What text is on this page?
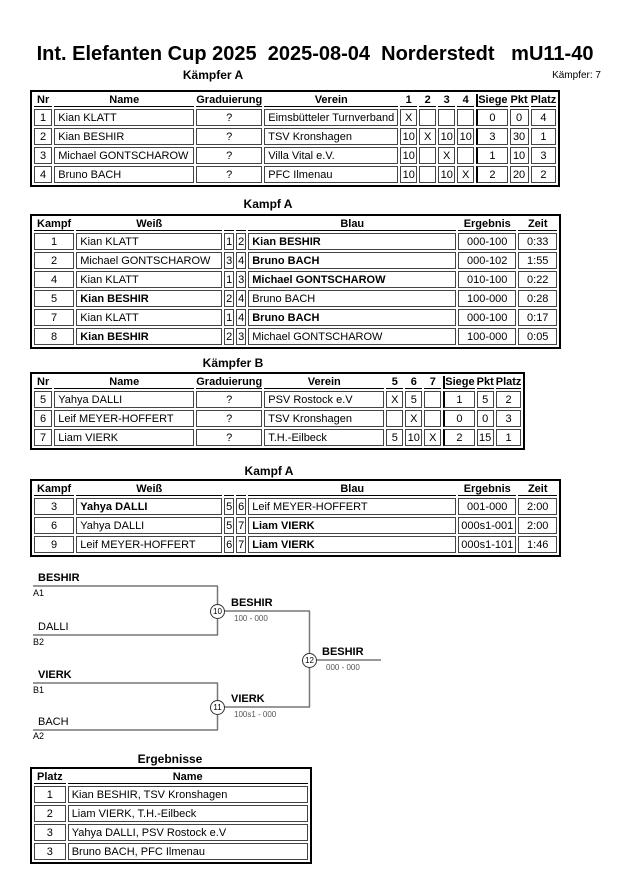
Int. Elefanten Cup 2025  2025-08-04  Norderstedt   mU11-40
Kämpfer A	Kämpfer: 7
Nr	Name	Graduierung	Verein	1	2	3	4	Siege	Pkt	Platz
1	Kian KLATT	?	Eimsbütteler Turnverband	X				0	0	4
2	Kian BESHIR	?	TSV Kronshagen	10	X	10	10	3	30	1
3	Michael GONTSCHAROW	?	Villa Vital e.V.	10		X		1	10	3
4	Bruno BACH	?	PFC Ilmenau	10		10	X	2	20	2
Kampf A
Kampf	Weiß			Blau	Ergebnis	Zeit
1	Kian KLATT	1	2	Kian BESHIR	000-100	0:33
2	Michael GONTSCHAROW	3	4	Bruno BACH	000-102	1:55
4	Kian KLATT	1	3	Michael GONTSCHAROW	010-100	0:22
5	Kian BESHIR	2	4	Bruno BACH	100-000	0:28
7	Kian KLATT	1	4	Bruno BACH	000-100	0:17
8	Kian BESHIR	2	3	Michael GONTSCHAROW	100-000	0:05
Kämpfer B
Nr	Name	Graduierung	Verein	5	6	7	Siege	Pkt	Platz
5	Yahya DALLI	?	PSV Rostock e.V	X	5		1	5	2
6	Leif MEYER-HOFFERT	?	TSV Kronshagen		X		0	0	3
7	Liam VIERK	?	T.H.-Eilbeck	5	10	X	2	15	1
Kampf A
Kampf	Weiß			Blau	Ergebnis	Zeit
3	Yahya DALLI	5	6	Leif MEYER-HOFFERT	001-000	2:00
6	Yahya DALLI	5	7	Liam VIERK	000s1-001	2:00
9	Leif MEYER-HOFFERT	6	7	Liam VIERK	000s1-101	1:46
BESHIR
A1
DALLI
B2
VIERK
B1
BACH
A2
10
BESHIR
100 - 000
11
VIERK
100s1 - 000
12
BESHIR
000 - 000
Ergebnisse
Platz	Name
1	Kian BESHIR, TSV Kronshagen
2	Liam VIERK, T.H.-Eilbeck
3	Yahya DALLI, PSV Rostock e.V
3	Bruno BACH, PFC Ilmenau
